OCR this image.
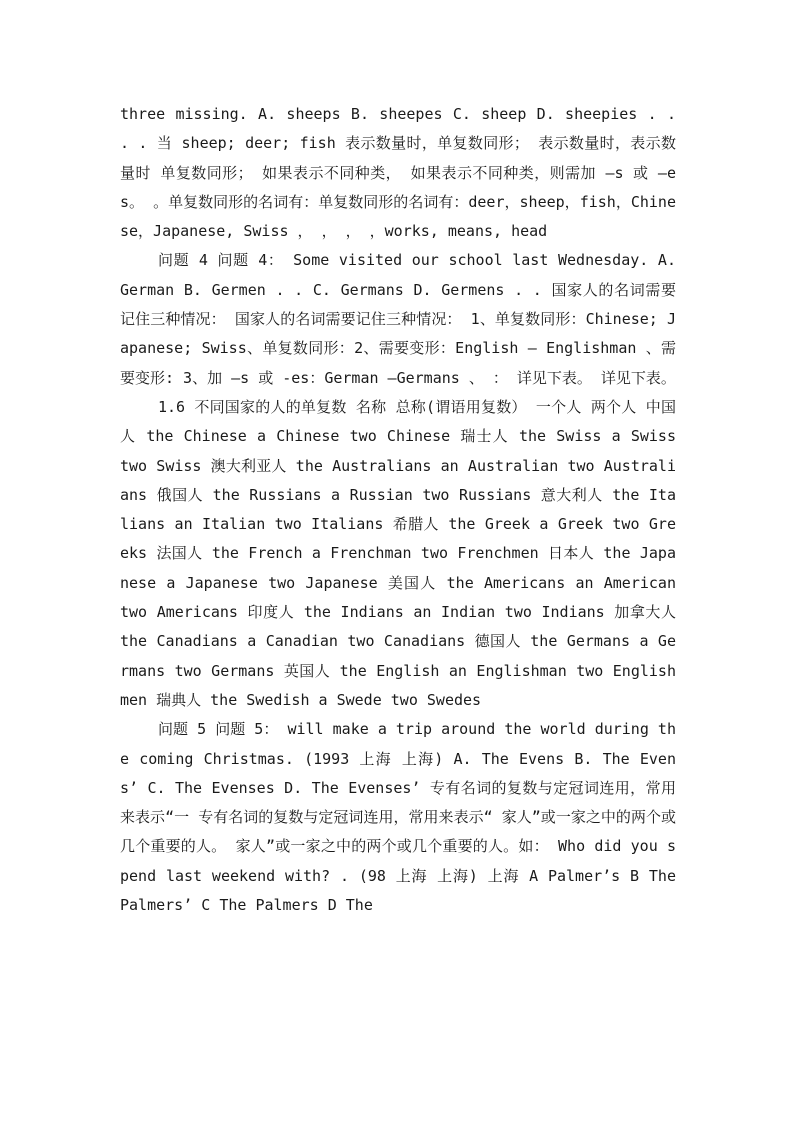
three missing. A. sheeps B. sheepes C. sheep D. sheepies . . . . 当 sheep; deer; fish 表示数量时，单复数同形； 表示数量时，表示数量时 单复数同形； 如果表示不同种类， 如果表示不同种类，则需加 –s 或 –es。 。单复数同形的名词有：单复数同形的名词有：deer，sheep，fish，Chinese，Japanese, Swiss ， ， ， ，works, means, head

问题 4 问题 4： Some visited our school last Wednesday. A. German B. Germen . . C. Germans D. Germens . . 国家人的名词需要记住三种情况： 国家人的名词需要记住三种情况： 1、单复数同形：Chinese; Japanese; Swiss、单复数同形：2、需要变形：English – Englishman 、需要变形: 3、加 –s 或 -es：German –Germans 、 ： 详见下表。 详见下表。

1.6 不同国家的人的单复数 名称 总称(谓语用复数） 一个人 两个人 中国人 the Chinese a Chinese two Chinese 瑞士人 the Swiss a Swiss two Swiss 澳大利亚人 the Australians an Australian two Australians 俄国人 the Russians a Russian two Russians 意大利人 the Italians an Italian two Italians 希腊人 the Greek a Greek two Greeks 法国人 the French a Frenchman two Frenchmen 日本人 the Japanese a Japanese two Japanese 美国人 the Americans an American two Americans 印度人 the Indians an Indian two Indians 加拿大人 the Canadians a Canadian two Canadians 德国人 the Germans a Germans two Germans 英国人 the English an Englishman two Englishmen 瑞典人 the Swedish a Swede two Swedes

问题 5 问题 5： will make a trip around the world during the coming Christmas. (1993 上海 上海) A. The Evens B. The Evens’ C. The Evenses D. The Evenses’ 专有名词的复数与定冠词连用，常用来表示“一 专有名词的复数与定冠词连用，常用来表示“ 家人”或一家之中的两个或几个重要的人。 家人”或一家之中的两个或几个重要的人。如： Who did you spend last weekend with? . (98 上海 上海) 上海 A Palmer’s B The Palmers’ C The Palmers D The
